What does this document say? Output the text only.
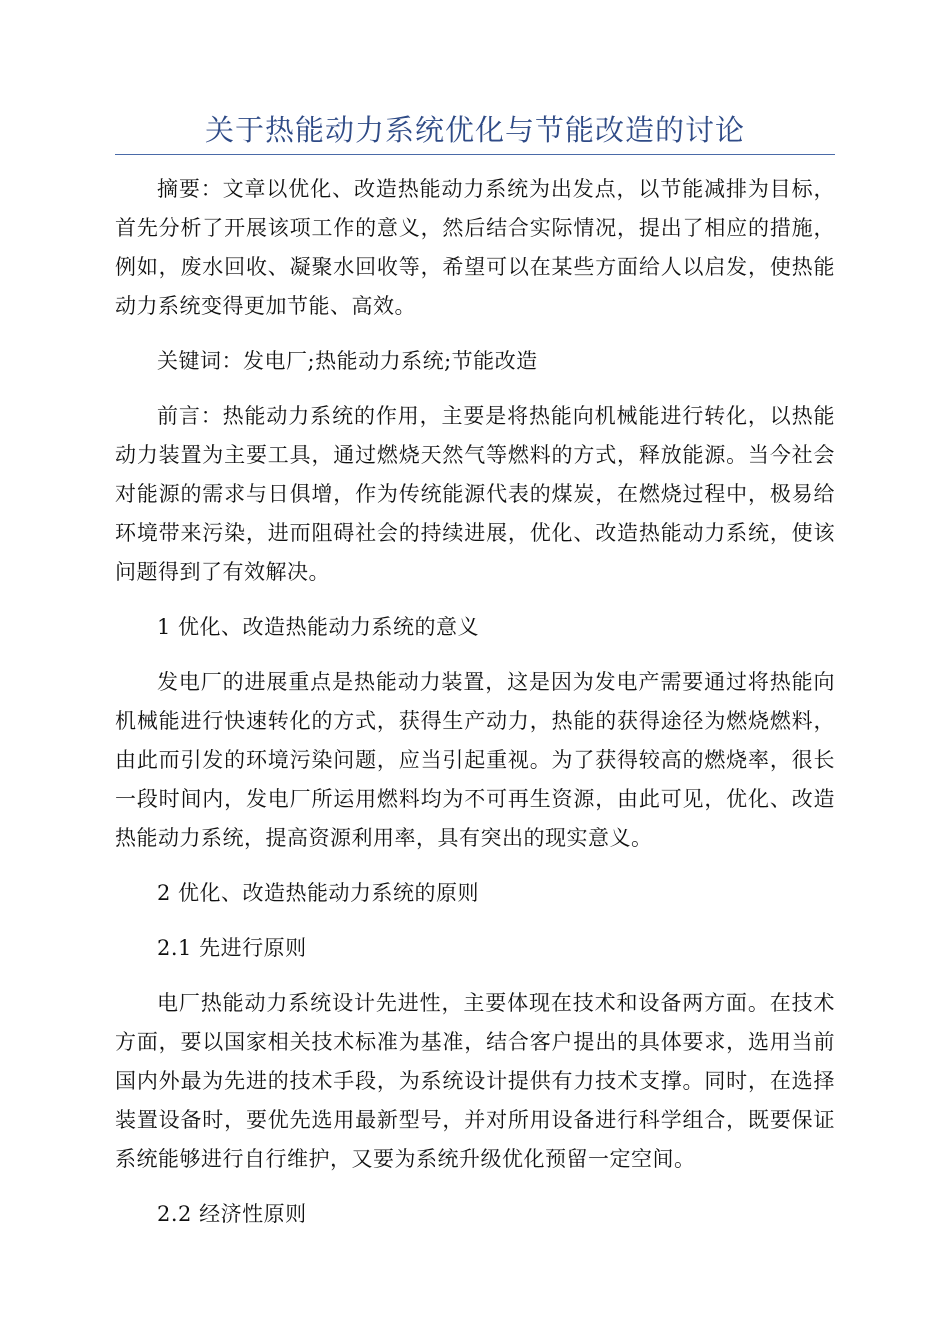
关于热能动力系统优化与节能改造的讨论

摘要：文章以优化、改造热能动力系统为出发点，以节能减排为目标，首先分析了开展该项工作的意义，然后结合实际情况，提出了相应的措施，例如，废水回收、凝聚水回收等，希望可以在某些方面给人以启发，使热能动力系统变得更加节能、高效。

关键词：发电厂;热能动力系统;节能改造

前言：热能动力系统的作用，主要是将热能向机械能进行转化，以热能动力装置为主要工具，通过燃烧天然气等燃料的方式，释放能源。当今社会对能源的需求与日俱增，作为传统能源代表的煤炭，在燃烧过程中，极易给环境带来污染，进而阻碍社会的持续进展，优化、改造热能动力系统，使该问题得到了有效解决。

1 优化、改造热能动力系统的意义

发电厂的进展重点是热能动力装置，这是因为发电产需要通过将热能向机械能进行快速转化的方式，获得生产动力，热能的获得途径为燃烧燃料，由此而引发的环境污染问题，应当引起重视。为了获得较高的燃烧率，很长一段时间内，发电厂所运用燃料均为不可再生资源，由此可见，优化、改造热能动力系统，提高资源利用率，具有突出的现实意义。

2 优化、改造热能动力系统的原则

2.1 先进行原则

电厂热能动力系统设计先进性，主要体现在技术和设备两方面。在技术方面，要以国家相关技术标准为基准，结合客户提出的具体要求，选用当前国内外最为先进的技术手段，为系统设计提供有力技术支撑。同时，在选择装置设备时，要优先选用最新型号，并对所用设备进行科学组合，既要保证系统能够进行自行维护，又要为系统升级优化预留一定空间。

2.2 经济性原则
